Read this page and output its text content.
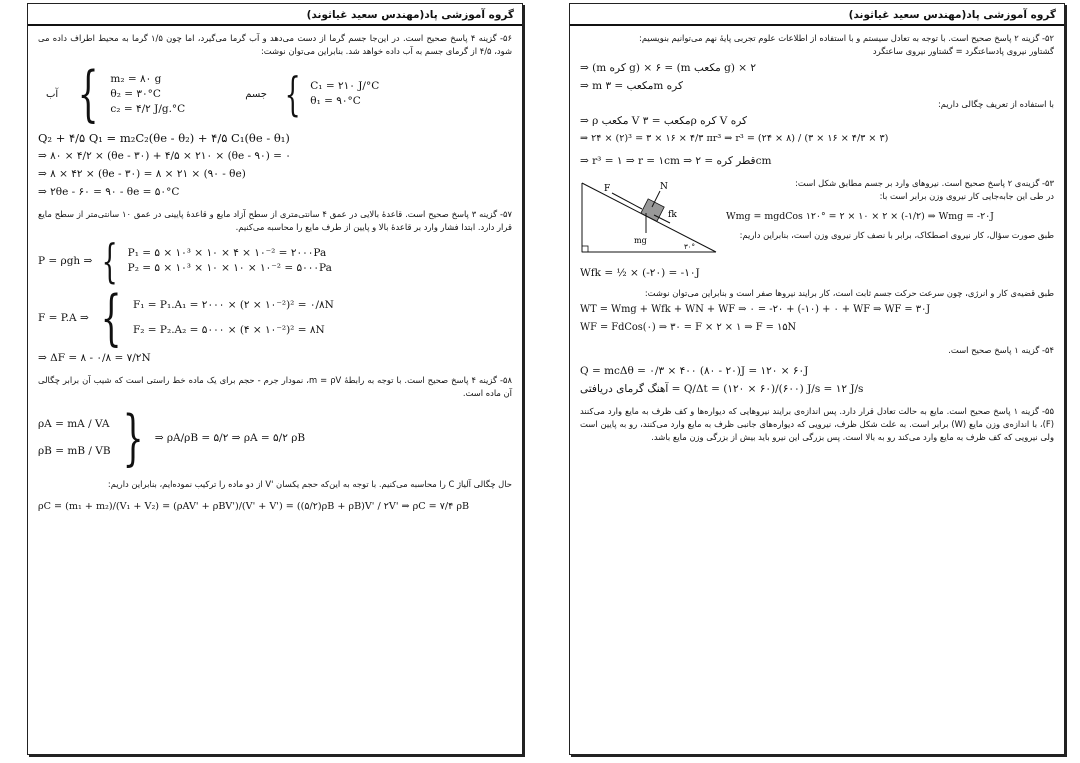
گروه آموزشی پاد(مهندس سعید غیاثوند)
۵۶- گزینه ۴ پاسخ صحیح است. در این‌جا جسم گرما از دست می‌دهد و آب گرما می‌گیرد، اما چون ۱/۵ گرما به محیط اطراف داده می شود، ۴/۵ از گرمای جسم به آب داده خواهد شد. بنابراین می‌توان نوشت:
آب { m₂ = ۸۰ g
θ₂ = ۳۰°C
c₂ = ۴/۲ J/g.°C
جسم { C₁ = ۲۱۰ J/°C
θ₁ = ۹۰°C
Q₂ + ۴/۵ Q₁ = m₂C₂(θe - θ₂) + ۴/۵ C₁(θe - θ₁)
⇒ ۸۰ × ۴/۲ × (θe - ۳۰) + ۴/۵ × ۲۱۰ × (θe - ۹۰) = ۰
⇒ ۸ × ۴۲ × (θe - ۳۰) = ۸ × ۲۱ × (۹۰ - θe)
⇒ ۲θe - ۶۰ = ۹۰ - θe = ۵۰°C
۵۷- گزینه ۳ پاسخ صحیح است. قاعدهٔ بالایی در عمق ۴ سانتی‌متری از سطح آزاد مایع و قاعدهٔ پایینی در عمق ۱۰ سانتی‌متر از سطح مایع قرار دارد. ابتدا فشار وارد بر قاعدهٔ بالا و پایین از طرف مایع را محاسبه می‌کنیم.
P = ρgh ⇒ { P₁ = ۵ × ۱۰³ × ۱۰ × ۴ × ۱۰⁻² = ۲۰۰۰Pa
P₂ = ۵ × ۱۰³ × ۱۰ × ۱۰ × ۱۰⁻² = ۵۰۰۰Pa
F = P.A ⇒ { F₁ = P₁.A₁ = ۲۰۰۰ × (۲ × ۱۰⁻²)² = ۰/۸N
F₂ = P₂.A₂ = ۵۰۰۰ × (۴ × ۱۰⁻²)² = ۸N
⇒ ΔF = ۸ - ۰/۸ = ۷/۲N
۵۸- گزینه ۴ پاسخ صحیح است. با توجه به رابطهٔ m = ρV، نمودار جرم - حجم برای یک ماده خط راستی است که شیب آن برابر چگالی آن ماده است.
ρA = mA / VA
ρB = mB / VB { ⇒ ρA/ρB = ۵/۲ ⇒ ρA = ۵/۲ ρB
حال چگالی آلیاژ C را محاسبه می‌کنیم. با توجه به این‌که حجم یکسان 'V از دو ماده را ترکیب نموده‌ایم، بنابراین داریم:
ρC = (m₁ + m₂)/(V₁ + V₂) = (ρAV' + ρBV')/(V' + V') = ((۵/۲)ρB + ρB)V' / ۲V' ⇒ ρC = ۷/۴ ρB
گروه آموزشی پاد(مهندس سعید غیاثوند)
۵۲- گزینه ۲ پاسخ صحیح است. با توجه به تعادل سیستم و با استفاده از اطلاعات علوم تجربی پایهٔ نهم می‌توانیم بنویسیم:
گشتاور نیروی پادساعتگرد = گشتاور نیروی ساعتگرد
⇒ (m کره g) × ۶ = (m مکعب g) × ۲
⇒ m مکعب = ۳m کره
با استفاده از تعریف چگالی داریم:
⇒ ρ مکعب V مکعب = ۳ρ کره V کره
⇒ ۲۴ × (۲)³ = ۳ × ۱۶ × ۴/۳ πr³ ⇒ r³ = (۲۴ × ۸) / (۳ × ۱۶ × ۴/۳ × ۳)
⇒ r³ = ۱ ⇒ r = ۱cm ⇒ قطر کره = ۲cm
F	N
fk
mg
۳۰°
۵۳- گزینه‌ی ۲ پاسخ صحیح است. نیروهای وارد بر جسم مطابق شکل است:
در طی این جابه‌جایی کار نیروی وزن برابر است با:
Wmg = mgdCos ۱۲۰° = ۲ × ۱۰ × ۲ × (-۱/۲) ⇒ Wmg = -۲۰J
طبق صورت سؤال، کار نیروی اصطکاک، برابر با نصف کار نیروی وزن است، بنابراین داریم:
Wfk = ½ × (-۲۰) = -۱۰J
طبق قضیه‌ی کار و انرژی، چون سرعت حرکت جسم ثابت است، کار برایند نیروها صفر است و بنابراین می‌توان نوشت:
WT = Wmg + Wfk + WN + WF ⇒ ۰ = -۲۰ + (-۱۰) + ۰ + WF ⇒ WF = ۳۰J
WF = FdCos(۰) ⇒ ۳۰ = F × ۲ × ۱ ⇒ F = ۱۵N
۵۴- گزینه ۱ پاسخ صحیح است.
Q = mcΔθ = ۰/۳ × ۴۰۰ (۸۰ - ۲۰)J = ۱۲۰ × ۶۰J
آهنگ گرمای دریافتی = Q/Δt = (۱۲۰ × ۶۰)/(۶۰۰) J/s = ۱۲ J/s
۵۵- گزینه ۱ پاسخ صحیح است. مایع به حالت تعادل قرار دارد. پس اندازه‌ی برایند نیروهایی که دیواره‌ها و کف ظرف به مایع وارد می‌کنند (F)، با اندازه‌ی وزن مایع (W) برابر است. به علت شکل ظرف، نیرویی که دیواره‌های جانبی ظرف به مایع وارد می‌کنند، رو به پایین است ولی نیرویی که کف ظرف به مایع وارد می‌کند رو به بالا است. پس بزرگی این نیرو باید بیش از بزرگی وزن مایع باشد.
